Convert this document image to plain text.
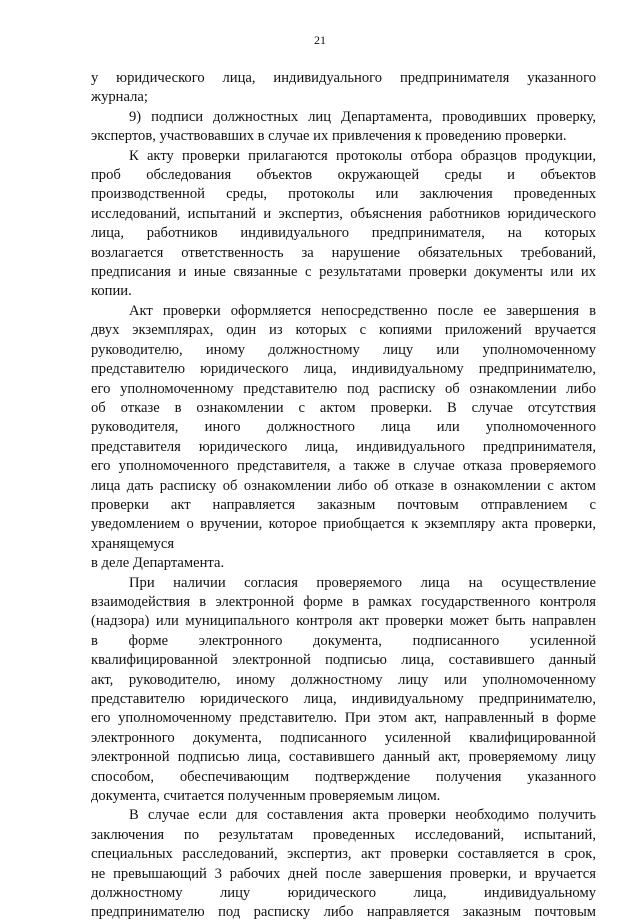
21
у юридического лица, индивидуального предпринимателя указанного
журнала;
9) подписи должностных лиц Департамента, проводивших проверку,
экспертов, участвовавших в случае их привлечения к проведению проверки.
К акту проверки прилагаются протоколы отбора образцов продукции,
проб обследования объектов окружающей среды и объектов
производственной среды, протоколы или заключения проведенных
исследований, испытаний и экспертиз, объяснения работников юридического
лица, работников индивидуального предпринимателя, на которых
возлагается ответственность за нарушение обязательных требований,
предписания и иные связанные с результатами проверки документы или их
копии.
Акт проверки оформляется непосредственно после ее завершения в
двух экземплярах, один из которых с копиями приложений вручается
руководителю, иному должностному лицу или уполномоченному
представителю юридического лица, индивидуальному предпринимателю,
его уполномоченному представителю под расписку об ознакомлении либо
об отказе в ознакомлении с актом проверки. В случае отсутствия
руководителя, иного должностного лица или уполномоченного
представителя юридического лица, индивидуального предпринимателя,
его уполномоченного представителя, а также в случае отказа проверяемого
лица дать расписку об ознакомлении либо об отказе в ознакомлении с актом
проверки акт направляется заказным почтовым отправлением с
уведомлением о вручении, которое приобщается к экземпляру акта проверки,
хранящемуся
в деле Департамента.
При наличии согласия проверяемого лица на осуществление
взаимодействия в электронной форме в рамках государственного контроля
(надзора) или муниципального контроля акт проверки может быть направлен
в форме электронного документа, подписанного усиленной
квалифицированной электронной подписью лица, составившего данный
акт, руководителю, иному должностному лицу или уполномоченному
представителю юридического лица, индивидуальному предпринимателю,
его уполномоченному представителю. При этом акт, направленный в форме
электронного документа, подписанного усиленной квалифицированной
электронной подписью лица, составившего данный акт, проверяемому лицу
способом, обеспечивающим подтверждение получения указанного
документа, считается полученным проверяемым лицом.
В случае если для составления акта проверки необходимо получить
заключения по результатам проведенных исследований, испытаний,
специальных расследований, экспертиз, акт проверки составляется в срок,
не превышающий 3 рабочих дней после завершения проверки, и вручается
должностному лицу юридического лица, индивидуальному
предпринимателю под расписку либо направляется заказным почтовым
